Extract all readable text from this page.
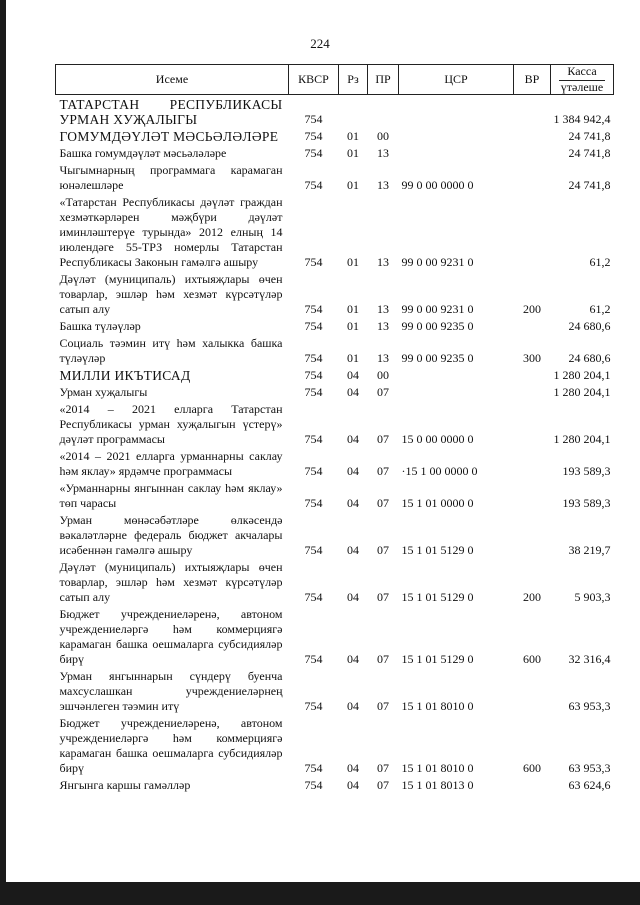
224
Исеме	КВСР	Рз	ПР	ЦСР	ВР	Касса
үтәлеше

ТАТАРСТАН РЕСПУБЛИКАСЫ УРМАН ХУҖАЛЫГЫ	754					1 384 942,4
ГОМУМДӘҮЛӘТ МӘСЬӘЛӘЛӘРЕ	754	01	00			24 741,8
Башка гомумдәүләт мәсьәләләре	754	01	13			24 741,8
Чыгымнарның программага карамаган юнәлешләре	754	01	13	99 0 00 0000 0		24 741,8
«Татарстан Республикасы дәүләт граждан хезмәткәрләрен мәҗбүри дәүләт иминләштерүе турында» 2012 елның 14 июлендәге 55-ТРЗ номерлы Татарстан Республикасы Законын гамәлгә ашыру	754	01	13	99 0 00 9231 0		61,2
Дәүләт (муниципаль) ихтыяҗлары өчен товарлар, эшләр һәм хезмәт күрсәтүләр сатып алу	754	01	13	99 0 00 9231 0	200	61,2
Башка түләүләр	754	01	13	99 0 00 9235 0		24 680,6
Социаль тәэмин итү һәм халыкка башка түләүләр	754	01	13	99 0 00 9235 0	300	24 680,6
МИЛЛИ ИКЪТИСАД	754	04	00			1 280 204,1
Урман хуҗалыгы	754	04	07			1 280 204,1
«2014 – 2021 елларга Татарстан Республикасы урман хуҗалыгын үстерү» дәүләт программасы	754	04	07	15 0 00 0000 0		1 280 204,1
«2014 – 2021 елларга урманнарны саклау һәм яклау» ярдәмче программасы	754	04	07	·15 1 00 0000 0		193 589,3
«Урманнарны янгыннан саклау һәм яклау» төп чарасы	754	04	07	15 1 01 0000 0		193 589,3
Урман мөнәсәбәтләре өлкәсендә вәкаләтләрне федераль бюджет акчалары исәбеннән гамәлгә ашыру	754	04	07	15 1 01 5129 0		38 219,7
Дәүләт (муниципаль) ихтыяҗлары өчен товарлар, эшләр һәм хезмәт күрсәтүләр сатып алу	754	04	07	15 1 01 5129 0	200	5 903,3
Бюджет учреждениеләренә, автоном учреждениеләргә һәм коммерциягә карамаган башка оешмаларга субсидияләр бирү	754	04	07	15 1 01 5129 0	600	32 316,4
Урман янгыннарын сүндерү буенча махсуслашкан учреждениеләрнең эшчәнлеген тәэмин итү	754	04	07	15 1 01 8010 0		63 953,3
Бюджет учреждениеләренә, автоном учреждениеләргә һәм коммерциягә карамаган башка оешмаларга субсидияләр бирү	754	04	07	15 1 01 8010 0	600	63 953,3
Янгынга каршы гамәлләр	754	04	07	15 1 01 8013 0		63 624,6
